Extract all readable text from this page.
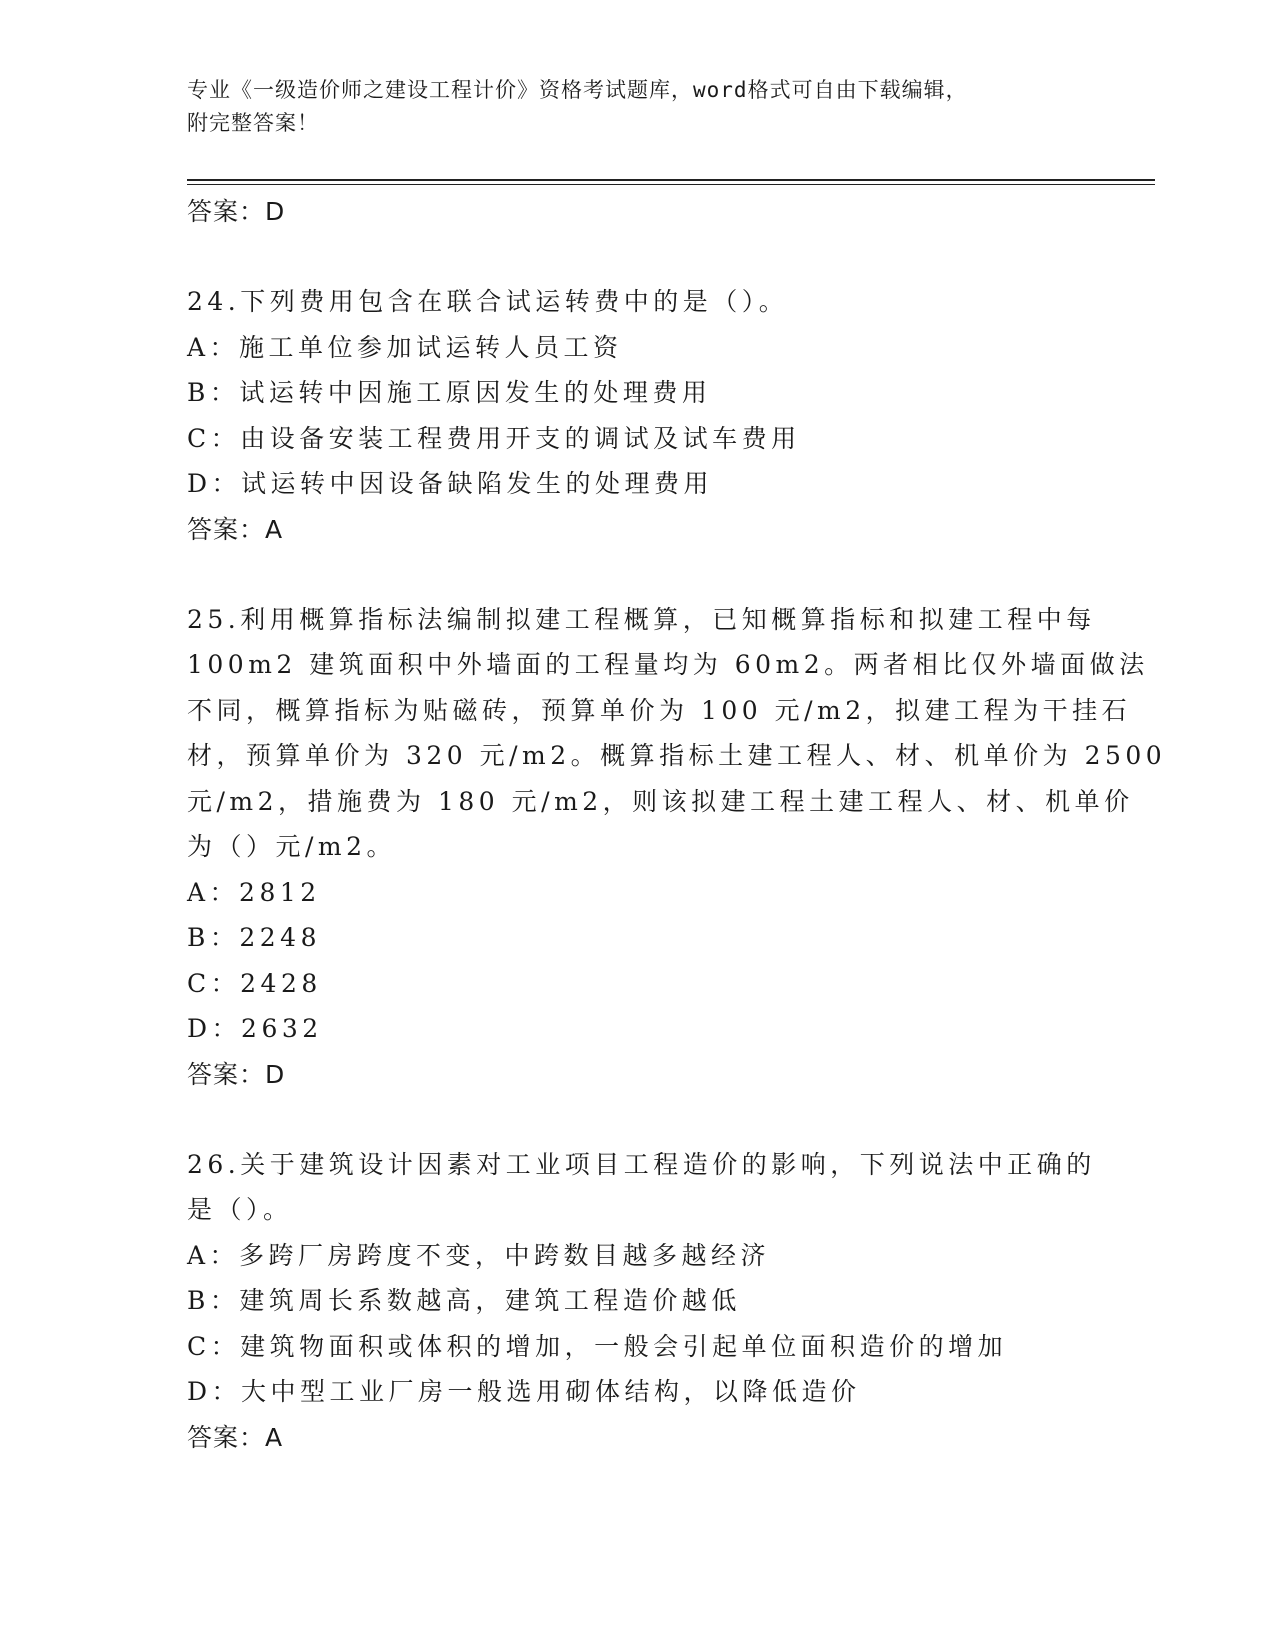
专业《一级造价师之建设工程计价》资格考试题库，word格式可自由下载编辑，
附完整答案！
答案：D
24.下列费用包含在联合试运转费中的是（）。
A：施工单位参加试运转人员工资
B：试运转中因施工原因发生的处理费用
C：由设备安装工程费用开支的调试及试车费用
D：试运转中因设备缺陷发生的处理费用
答案：A
25.利用概算指标法编制拟建工程概算，已知概算指标和拟建工程中每
100m2 建筑面积中外墙面的工程量均为 60m2。两者相比仅外墙面做法
不同，概算指标为贴磁砖，预算单价为 100 元/m2，拟建工程为干挂石
材，预算单价为 320 元/m2。概算指标土建工程人、材、机单价为 2500
元/m2，措施费为 180 元/m2，则该拟建工程土建工程人、材、机单价
为（）元/m2。
A：2812
B：2248
C：2428
D：2632
答案：D
26.关于建筑设计因素对工业项目工程造价的影响，下列说法中正确的
是（）。
A：多跨厂房跨度不变，中跨数目越多越经济
B：建筑周长系数越高，建筑工程造价越低
C：建筑物面积或体积的增加，一般会引起单位面积造价的增加
D：大中型工业厂房一般选用砌体结构，以降低造价
答案：A
